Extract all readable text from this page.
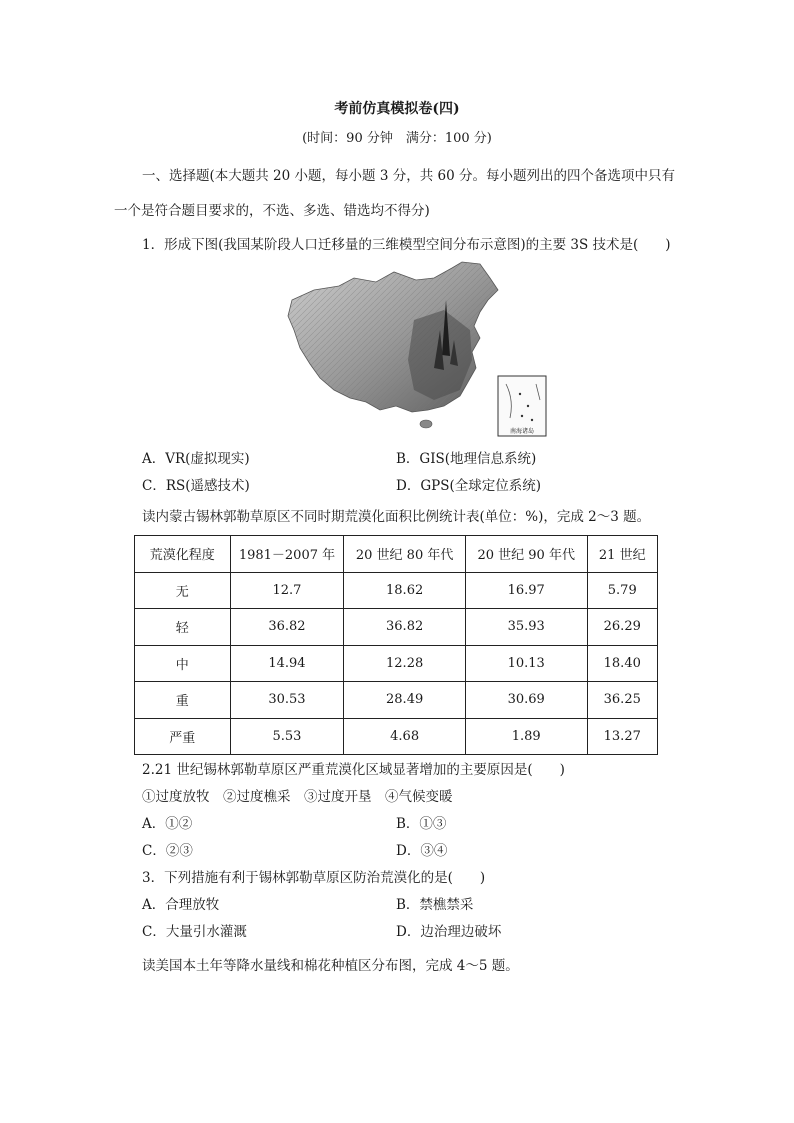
考前仿真模拟卷(四)
(时间：90 分钟　满分：100 分)
一、选择题(本大题共 20 小题，每小题 3 分，共 60 分。每小题列出的四个备选项中只有
一个是符合题目要求的，不选、多选、错选均不得分)
1．形成下图(我国某阶段人口迁移量的三维模型空间分布示意图)的主要 3S 技术是(　　)
南海诸岛
A．VR(虚拟现实)	B．GIS(地理信息系统)
C．RS(遥感技术)	D．GPS(全球定位系统)
读内蒙古锡林郭勒草原区不同时期荒漠化面积比例统计表(单位：%)，完成 2～3 题。
荒漠化程度	1981－2007 年	20 世纪 80 年代	20 世纪 90 年代	21 世纪
无	12.7	18.62	16.97	5.79
轻	36.82	36.82	35.93	26.29
中	14.94	12.28	10.13	18.40
重	30.53	28.49	30.69	36.25
严重	5.53	4.68	1.89	13.27
2.21 世纪锡林郭勒草原区严重荒漠化区域显著增加的主要原因是(　　)
①过度放牧　②过度樵采　③过度开垦　④气候变暖
A．①②	B．①③
C．②③	D．③④
3．下列措施有利于锡林郭勒草原区防治荒漠化的是(　　)
A．合理放牧	B．禁樵禁采
C．大量引水灌溉	D．边治理边破坏
读美国本土年等降水量线和棉花种植区分布图，完成 4～5 题。
